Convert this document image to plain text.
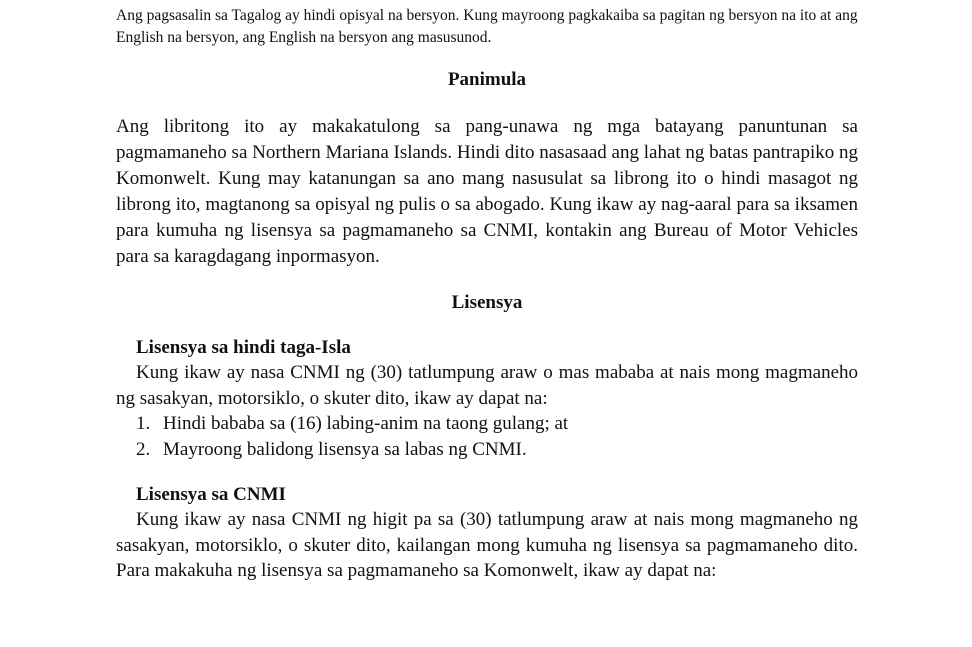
Ang pagsasalin sa Tagalog ay hindi opisyal na bersyon. Kung mayroong pagkakaiba sa pagitan ng bersyon na ito at ang English na bersyon, ang English na bersyon ang masusunod.

Panimula

Ang libritong ito ay makakatulong sa pang-unawa ng mga batayang panuntunan sa pagmamaneho sa Northern Mariana Islands. Hindi dito nasasaad ang lahat ng batas pantrapiko ng Komonwelt. Kung may katanungan sa ano mang nasusulat sa librong ito o hindi masagot ng librong ito, magtanong sa opisyal ng pulis o sa abogado. Kung ikaw ay nag-aaral para sa iksamen para kumuha ng lisensya sa pagmamaneho sa CNMI, kontakin ang Bureau of Motor Vehicles para sa karagdagang inpormasyon.

Lisensya
Lisensya sa hindi taga-Isla

Kung ikaw ay nasa CNMI ng (30) tatlumpung araw o mas mababa at nais mong magmaneho ng sasakyan, motorsiklo, o skuter dito, ikaw ay dapat na:

1. Hindi bababa sa (16) labing-anim na taong gulang; at
2. Mayroong balidong lisensya sa labas ng CNMI.
Lisensya sa CNMI

Kung ikaw ay nasa CNMI ng higit pa sa (30) tatlumpung araw at nais mong magmaneho ng sasakyan, motorsiklo, o skuter dito, kailangan mong kumuha ng lisensya sa pagmamaneho dito. Para makakuha ng lisensya sa pagmamaneho sa Komonwelt, ikaw ay dapat na:
